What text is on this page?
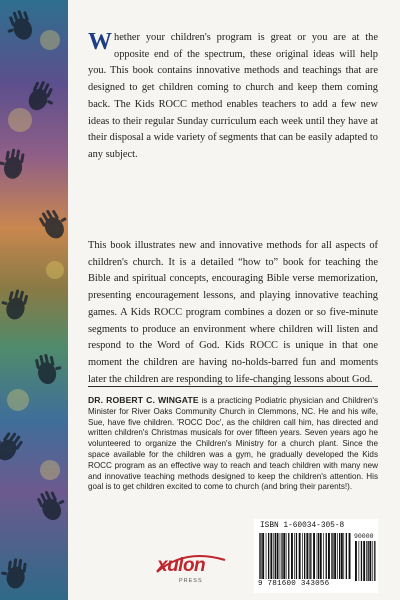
Whether your children's program is great or you are at the opposite end of the spectrum, these original ideas will help you. This book contains innovative methods and teachings that are designed to get children coming to church and keep them coming back. The Kids ROCC method enables teachers to add a few new ideas to their regular Sunday curriculum each week until they have at their disposal a wide variety of segments that can be easily adapted to any subject.
This book illustrates new and innovative methods for all aspects of children's church. It is a detailed “how to” book for teaching the Bible and spiritual concepts, encouraging Bible verse memorization, presenting encouragement lessons, and playing innovative teaching games. A Kids ROCC program combines a dozen or so five-minute segments to produce an environment where children will listen and respond to the Word of God. Kids ROCC is unique in that one moment the children are having no-holds-barred fun and moments later the children are responding to life-changing lessons about God.
DR. ROBERT C. WINGATE is a practicing Podiatric physician and Children's Minister for River Oaks Community Church in Clemmons, NC. He and his wife, Sue, have five children. 'ROCC Doc', as the children call him, has directed and written children's Christmas musicals for over fifteen years. Seven years ago he volunteered to organize the Children's Ministry for a church plant. Since the space available for the children was a gym, he gradually developed the Kids ROCC program as an effective way to reach and teach children with many new and innovative teaching methods designed to keep the children's attention. His goal is to get children excited to come to church (and bring their parents!).
ISBN 1-60034-305-8
90000
9 781600 343056
xulon
PRESS
